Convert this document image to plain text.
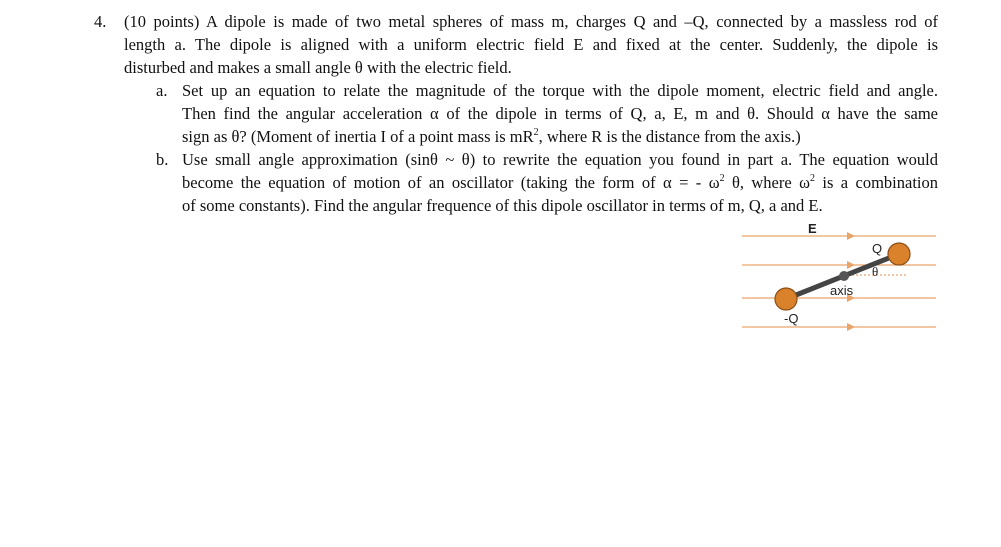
4. (10 points) A dipole is made of two metal spheres of mass m, charges Q and –Q, connected by a massless rod of
length a. The dipole is aligned with a uniform electric field E and fixed at the center. Suddenly, the dipole is
disturbed and makes a small angle θ with the electric field.
a. Set up an equation to relate the magnitude of the torque with the dipole moment, electric field and angle.
Then find the angular acceleration α of the dipole in terms of Q, a, E, m and θ. Should α have the same
sign as θ? (Moment of inertia I of a point mass is $mR^2$, where R is the distance from the axis.)
b. Use small angle approximation (sinθ ~ θ) to rewrite the equation you found in part a. The equation would
become the equation of motion of an oscillator (taking the form of α = - $\omega^2$ θ, where $\omega^2$ is a combination
of some constants). Find the angular frequence of this dipole oscillator in terms of m, Q, a and E.
E
Q
-Q
axis
θ
